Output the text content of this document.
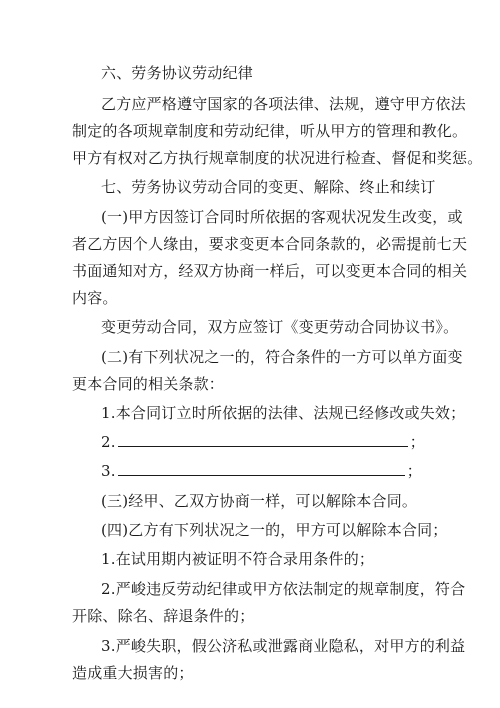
六、劳务协议劳动纪律
乙方应严格遵守国家的各项法律、法规，遵守甲方依法
制定的各项规章制度和劳动纪律，听从甲方的管理和教化。
甲方有权对乙方执行规章制度的状况进行检查、督促和奖惩。
七、劳务协议劳动合同的变更、解除、终止和续订
(一)甲方因签订合同时所依据的客观状况发生改变，或
者乙方因个人缘由，要求变更本合同条款的，必需提前七天
书面通知对方，经双方协商一样后，可以变更本合同的相关
内容。
变更劳动合同，双方应签订《变更劳动合同协议书》。
(二)有下列状况之一的，符合条件的一方可以单方面变
更本合同的相关条款：
1.本合同订立时所依据的法律、法规已经修改或失效；
2.	；
3.	；
(三)经甲、乙双方协商一样，可以解除本合同。
(四)乙方有下列状况之一的，甲方可以解除本合同；
1.在试用期内被证明不符合录用条件的；
2.严峻违反劳动纪律或甲方依法制定的规章制度，符合
开除、除名、辞退条件的；
3.严峻失职，假公济私或泄露商业隐私，对甲方的利益
造成重大损害的；
